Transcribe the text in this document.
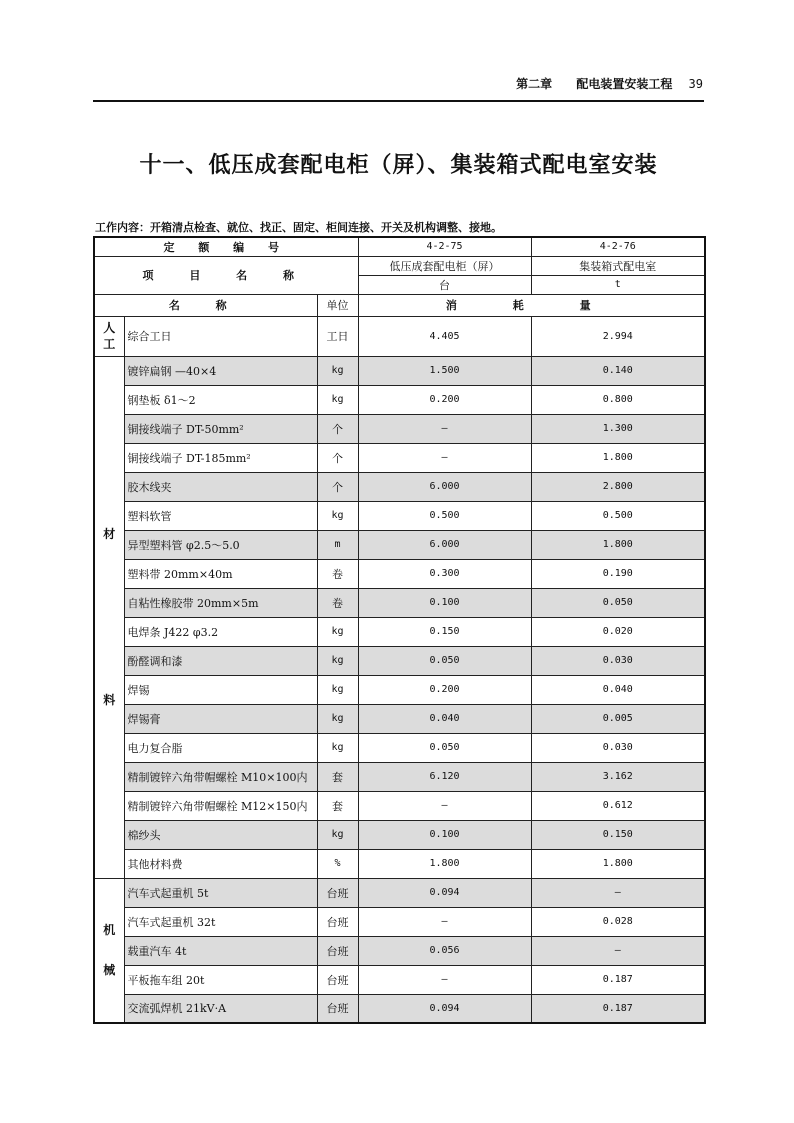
第二章 配电装置安装工程 39
十一、低压成套配电柜（屏）、集装箱式配电室安装
工作内容：开箱清点检查、就位、找正、固定、柜间连接、开关及机构调整、接地。
定 额 编 号			4-2-75	4-2-76
项 目 名 称			低压成套配电柜（屏）	集装箱式配电室
			台	t
名 称		单位	消 耗 量	

人
工	综合工日	工日	4.405	2.994

材
料	镀锌扁钢 —40×4	kg	1.500	0.140
	钢垫板 δ1～2	kg	0.200	0.800
	铜接线端子 DT-50mm²	个	—	1.300
	铜接线端子 DT-185mm²	个	—	1.800
	胶木线夹	个	6.000	2.800
	塑料软管	kg	0.500	0.500
	异型塑料管 φ2.5～5.0	m	6.000	1.800
	塑料带 20mm×40m	卷	0.300	0.190
	自粘性橡胶带 20mm×5m	卷	0.100	0.050
	电焊条 J422 φ3.2	kg	0.150	0.020
	酚醛调和漆	kg	0.050	0.030
	焊锡	kg	0.200	0.040
	焊锡膏	kg	0.040	0.005
	电力复合脂	kg	0.050	0.030
	精制镀锌六角带帽螺栓 M10×100内	套	6.120	3.162
	精制镀锌六角带帽螺栓 M12×150内	套	—	0.612
	棉纱头	kg	0.100	0.150
	其他材料费	%	1.800	1.800

机
械	汽车式起重机 5t	台班	0.094	—
	汽车式起重机 32t	台班	—	0.028
	载重汽车 4t	台班	0.056	—
	平板拖车组 20t	台班	—	0.187
	交流弧焊机 21kV·A	台班	0.094	0.187
